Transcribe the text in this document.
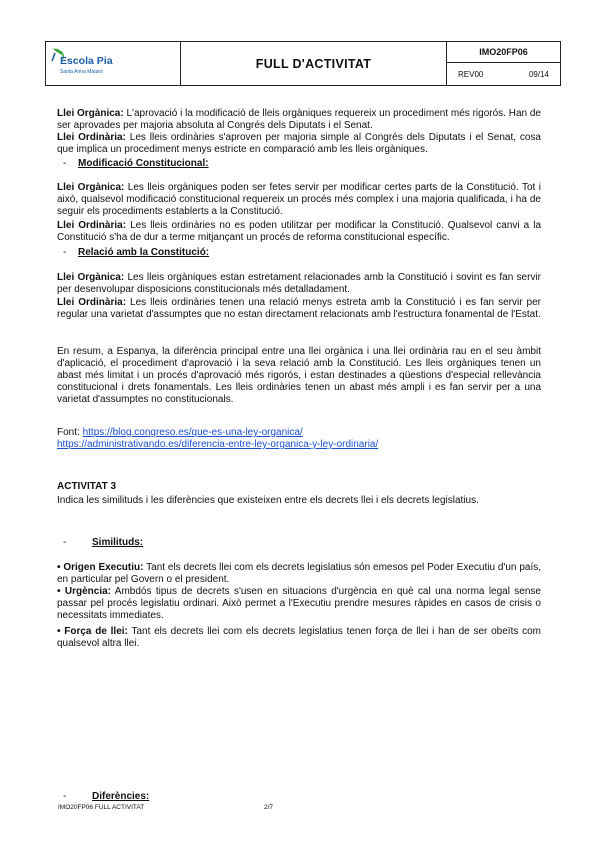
Escola Pia
Santa Anna Mataró
FULL D'ACTIVITAT
IMO20FP06
REV00	09/14

Llei Orgànica: L'aprovació i la modificació de lleis orgàniques requereix un procediment més rigorós. Han de ser aprovades per majoria absoluta al Congrés dels Diputats i el Senat.

Llei Ordinària: Les lleis ordinàries s'aproven per majoria simple al Congrés dels Diputats i el Senat, cosa que implica un procediment menys estricte en comparació amb les lleis orgàniques.

- Modificació Constitucional:

Llei Orgànica: Les lleis orgàniques poden ser fetes servir per modificar certes parts de la Constitució. Tot i això, qualsevol modificació constitucional requereix un procés més complex i una majoria qualificada, i ha de seguir els procediments establerts a la Constitució.

Llei Ordinària: Les lleis ordinàries no es poden utilitzar per modificar la Constitució. Qualsevol canvi a la Constitució s'ha de dur a terme mitjançant un procés de reforma constitucional específic.

- Relació amb la Constitució:

Llei Orgànica: Les lleis orgàniques estan estretament relacionades amb la Constitució i sovint es fan servir per desenvolupar disposicions constitucionals més detalladament.

Llei Ordinària: Les lleis ordinàries tenen una relació menys estreta amb la Constitució i es fan servir per regular una varietat d'assumptes que no estan directament relacionats amb l'estructura fonamental de l'Estat.

En resum, a Espanya, la diferència principal entre una llei orgànica i una llei ordinària rau en el seu àmbit d'aplicació, el procediment d'aprovació i la seva relació amb la Constitució. Les lleis orgàniques tenen un abast més limitat i un procés d'aprovació més rigorós, i estan destinades a qüestions d'especial rellevància constitucional i drets fonamentals. Les lleis ordinàries tenen un abast més ampli i es fan servir per a una varietat d'assumptes no constitucionals.

Font: https://blog.congreso.es/que-es-una-ley-organica/
https://administrativando.es/diferencia-entre-ley-organica-y-ley-ordinaria/

ACTIVITAT 3
Indica les similituds i les diferències que existeixen entre els decrets llei i els decrets legislatius.
-	Similituds:

• Origen Executiu: Tant els decrets llei com els decrets legislatius són emesos pel Poder Executiu d'un país, en particular pel Govern o el president.

• Urgència: Ambdós tipus de decrets s'usen en situacions d'urgència en què cal una norma legal sense passar pel procés legislatiu ordinari. Això permet a l'Executiu prendre mesures ràpides en casos de crisis o necessitats immediates.

• Força de llei: Tant els decrets llei com els decrets legislatius tenen força de llei i han de ser obeïts com qualsevol altra llei.

-	Diferències:
IMO20FP06 FULL ACTIVITAT	2/7
